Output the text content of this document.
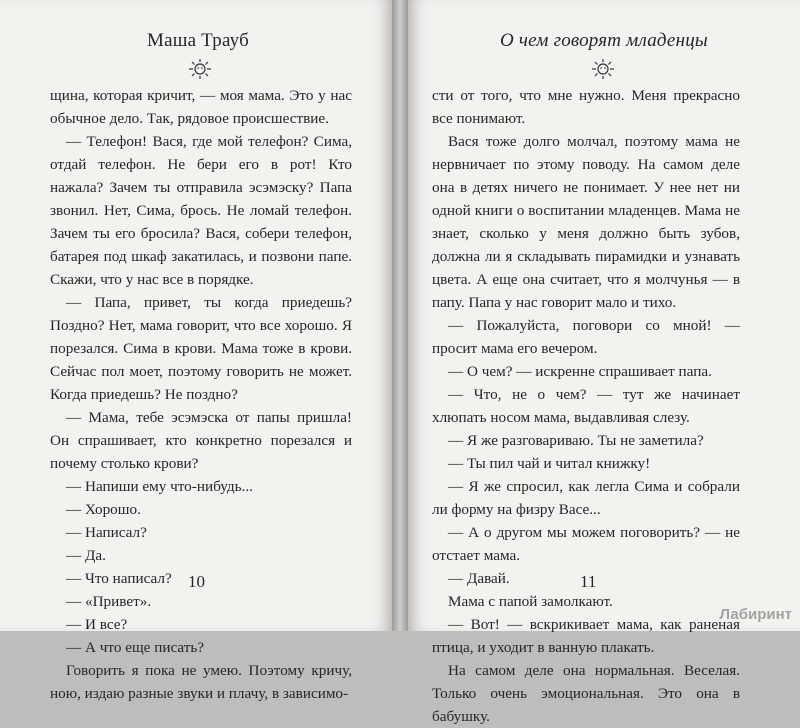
Маша Трауб

щина, которая кричит, — моя мама. Это у нас обычное дело. Так, рядовое происшествие.

— Телефон! Вася, где мой телефон? Сима, отдай телефон. Не бери его в рот! Кто нажала? Зачем ты отправила эсэмэску? Папа звонил. Нет, Сима, брось. Не ломай телефон. Зачем ты его бросила? Вася, собери телефон, батарея под шкаф закатилась, и позвони папе. Скажи, что у нас все в порядке.

— Папа, привет, ты когда приедешь? Поздно? Нет, мама говорит, что все хорошо. Я порезался. Сима в крови. Мама тоже в крови. Сейчас пол моет, поэтому говорить не может. Когда приедешь? Не поздно?

— Мама, тебе эсэмэска от папы пришла! Он спрашивает, кто конкретно порезался и почему столько крови?

— Напиши ему что-нибудь...

— Хорошо.

— Написал?

— Да.

— Что написал?

— «Привет».

— И все?

— А что еще писать?

Говорить я пока не умею. Поэтому кричу, ною, издаю разные звуки и плачу, в зависимо-

10
О чем говорят младенцы

сти от того, что мне нужно. Меня прекрасно все понимают.

Вася тоже долго молчал, поэтому мама не нервничает по этому поводу. На самом деле она в детях ничего не понимает. У нее нет ни одной книги о воспитании младенцев. Мама не знает, сколько у меня должно быть зубов, должна ли я складывать пирамидки и узнавать цвета. А еще она считает, что я молчунья — в папу. Папа у нас говорит мало и тихо.

— Пожалуйста, поговори со мной! — просит мама его вечером.

— О чем? — искренне спрашивает папа.

— Что, не о чем? — тут же начинает хлюпать носом мама, выдавливая слезу.

— Я же разговариваю. Ты не заметила?

— Ты пил чай и читал книжку!

— Я же спросил, как легла Сима и собрали ли форму на физру Васе...

— А о другом мы можем поговорить? — не отстает мама.

— Давай.

Мама с папой замолкают.

— Вот! — вскрикивает мама, как раненая птица, и уходит в ванную плакать.

На самом деле она нормальная. Веселая. Только очень эмоциональная. Это она в бабушку.

11
Лабиринт
